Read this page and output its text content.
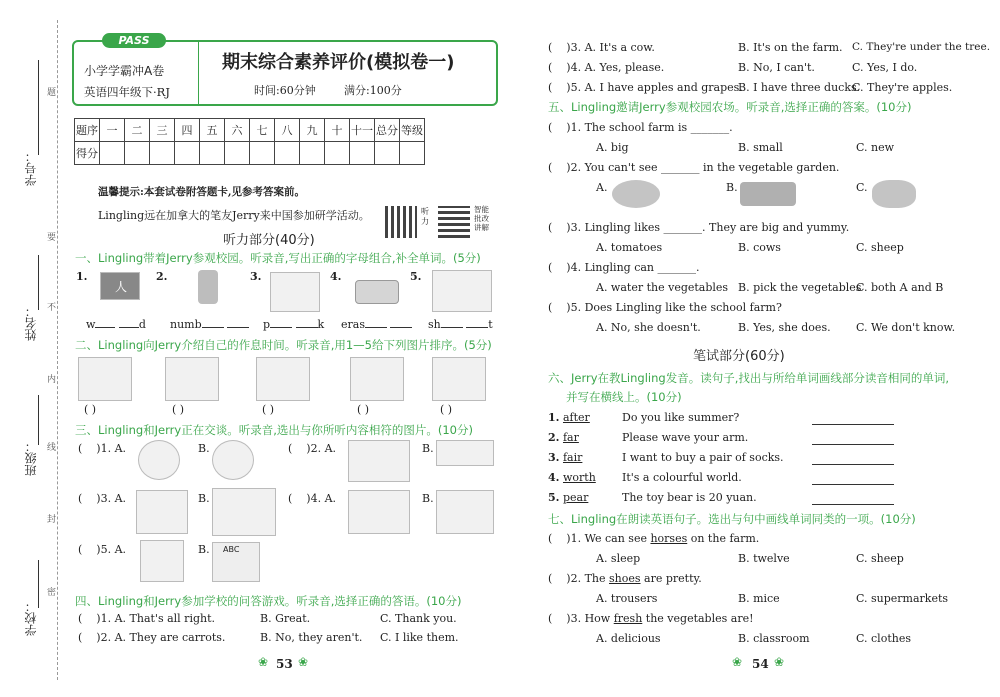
学校：
班级：
姓名：
学号：
题
要
不
内
线
封
密
PASS
小学学霸冲A卷
英语四年级下·RJ
期末综合素养评价(模拟卷一)
时间:60分钟	满分:100分
题序	一	二	三	四	五	六	七	八	九	十	十一	总分	等级
得分													
温馨提示:本套试卷附答题卡,见参考答案前。
Lingling远在加拿大的笔友Jerry来中国参加研学活动。	听力
智能批改讲解
听力部分(40分)
一、Lingling带着Jerry参观校园。听录音,写出正确的字母组合,补全单词。(5分)
1.
人
2.	3.	4.	5.
w	d numb	p	k eras	sh	t
二、Lingling向Jerry介绍自己的作息时间。听录音,用1—5给下列图片排序。(5分)
( )	( )	( )	( )	( )
三、Lingling和Jerry正在交谈。听录音,选出与你所听内容相符的图片。(10分)
( )1. A.	B.	( )2. A.	B.
( )3. A.	B.	( )4. A.	B.
( )5. A.	B. ABC
四、Lingling和Jerry参加学校的问答游戏。听录音,选择正确的答语。(10分)
( )1. A. That's all right.	B. Great.	C. Thank you.
( )2. A. They are carrots.	B. No, they aren't. C. I like them.
❀ 53 ❀
( )3. A. It's a cow.	B. It's on the farm. C. They're under the tree.
( )4. A. Yes, please.	B. No, I can't.	C. Yes, I do.
( )5. A. I have apples and grapes.
B. I have three ducks.
C. They're apples.
五、Lingling邀请Jerry参观校园农场。听录音,选择正确的答案。(10分)
( )1. The school farm is _______.
A. big	B. small	C. new
( )2. You can't see _______ in the vegetable garden.
A.	B.	C.
( )3. Lingling likes _______. They are big and yummy.
A. tomatoes	B. cows	C. sheep
( )4. Lingling can _______.
A. water the vegetables B. pick the vegetables
C. both A and B
( )5. Does Lingling like the school farm?
A. No, she doesn't.	B. Yes, she does. C. We don't know.
笔试部分(60分)
六、Jerry在教Lingling发音。读句子,找出与所给单词画线部分读音相同的单词,
并写在横线上。(10分)
1. after	Do you like summer?
2. far	Please wave your arm.
3. fair	I want to buy a pair of socks.
4. worth It's a colourful world.
5. pear	The toy bear is 20 yuan.
七、Lingling在朗读英语句子。选出与句中画线单词同类的一项。(10分)
( )1. We can see horses on the farm.
A. sleep	B. twelve	C. sheep
( )2. The shoes are pretty.
A. trousers	B. mice	C. supermarkets
( )3. How fresh the vegetables are!
A. delicious	B. classroom	C. clothes
❀ 54 ❀
